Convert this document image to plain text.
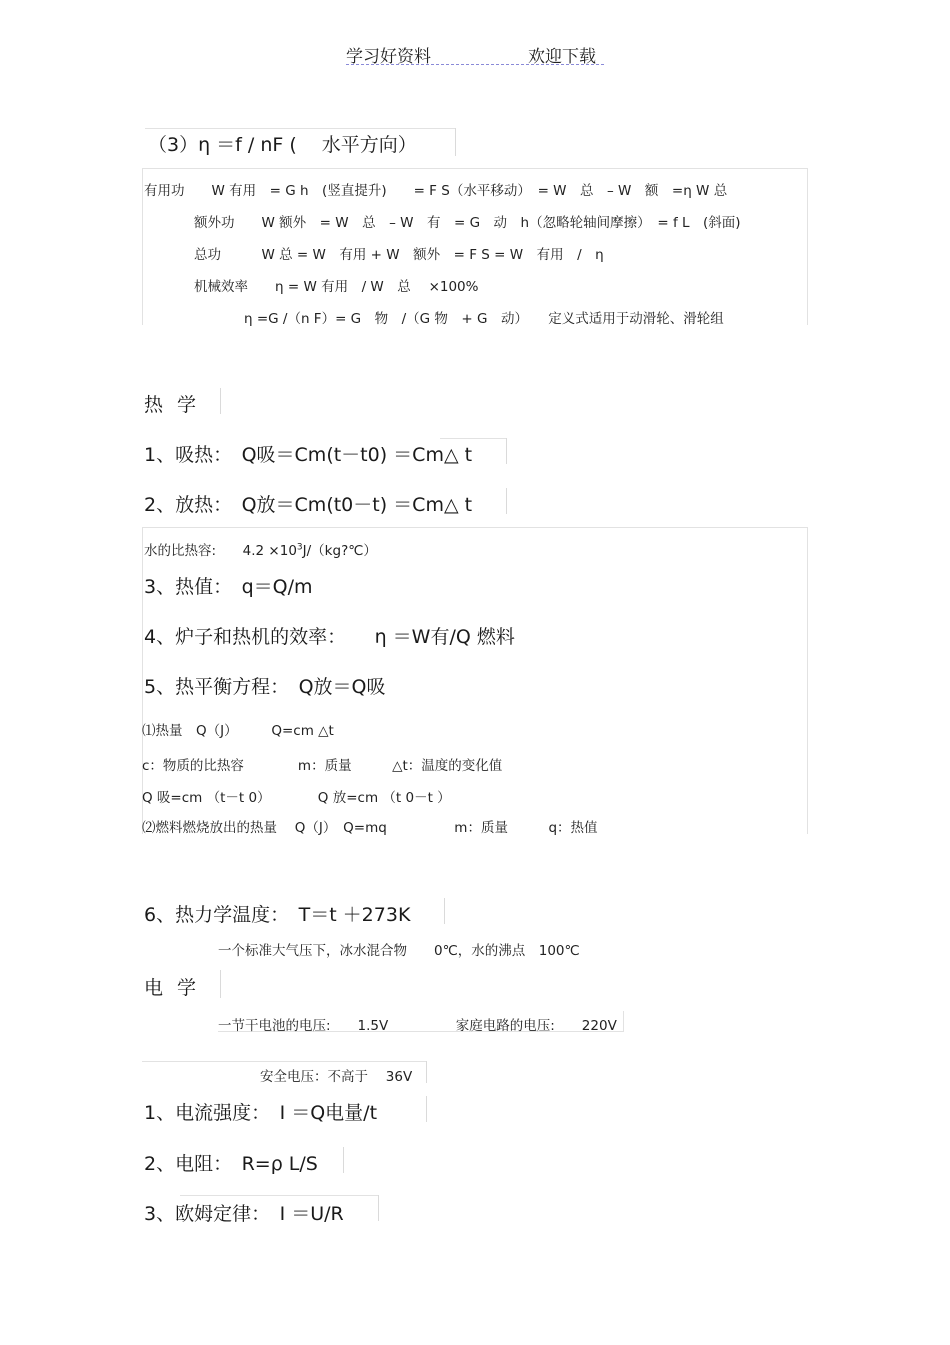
学习好资料	欢迎下载
（3）η ＝f / nF (　 水平方向）
有用功　　W 有用　= G h　(竖直提升)　　= F S（水平移动）　= W　总　– W　额　=η W 总
额外功　　W 额外　= W　总　– W　有　= G　动　h（忽略轮轴间摩擦）　= f L　(斜面)
总功　　　W 总 = W　有用 + W　额外　= F S = W　有用　/　η
机械效率　　η = W 有用　/ W　总　 ×100%
η =G /（n F）= G　物　/（G 物　+ G　动）　　定义式适用于动滑轮、滑轮组
热 学
1、吸热：　Q吸＝Cm(t－t0) ＝Cm△ t
2、放热：　Q放＝Cm(t0－t) ＝Cm△ t
水的比热容: $4.2 \times 10^3J/(kg?℃)$
3、热值：　q＝Q/m
4、炉子和热机的效率：　　η ＝W有/Q 燃料
5、热平衡方程：　Q放＝Q吸
⑴热量　Q（J）　　　Q=cm △t
c：物质的比热容　　　　m：质量　　　△t：温度的变化值
Q 吸=cm （t－t 0）　　　　Q 放=cm （t 0－t ）
⑵燃料燃烧放出的热量　 Q（J）　Q=mq　　　　　m：质量　　　q：热值
6、热力学温度：　T＝t ＋273K
一个标准大气压下，冰水混合物　　0℃，水的沸点　100℃
电 学
一节干电池的电压:　　1.5V　　　　　家庭电路的电压:　　220V
安全电压：不高于　 36V
1、电流强度：　I ＝Q电量/t
2、电阻：　R=ρ L/S
3、欧姆定律：　I ＝U/R
